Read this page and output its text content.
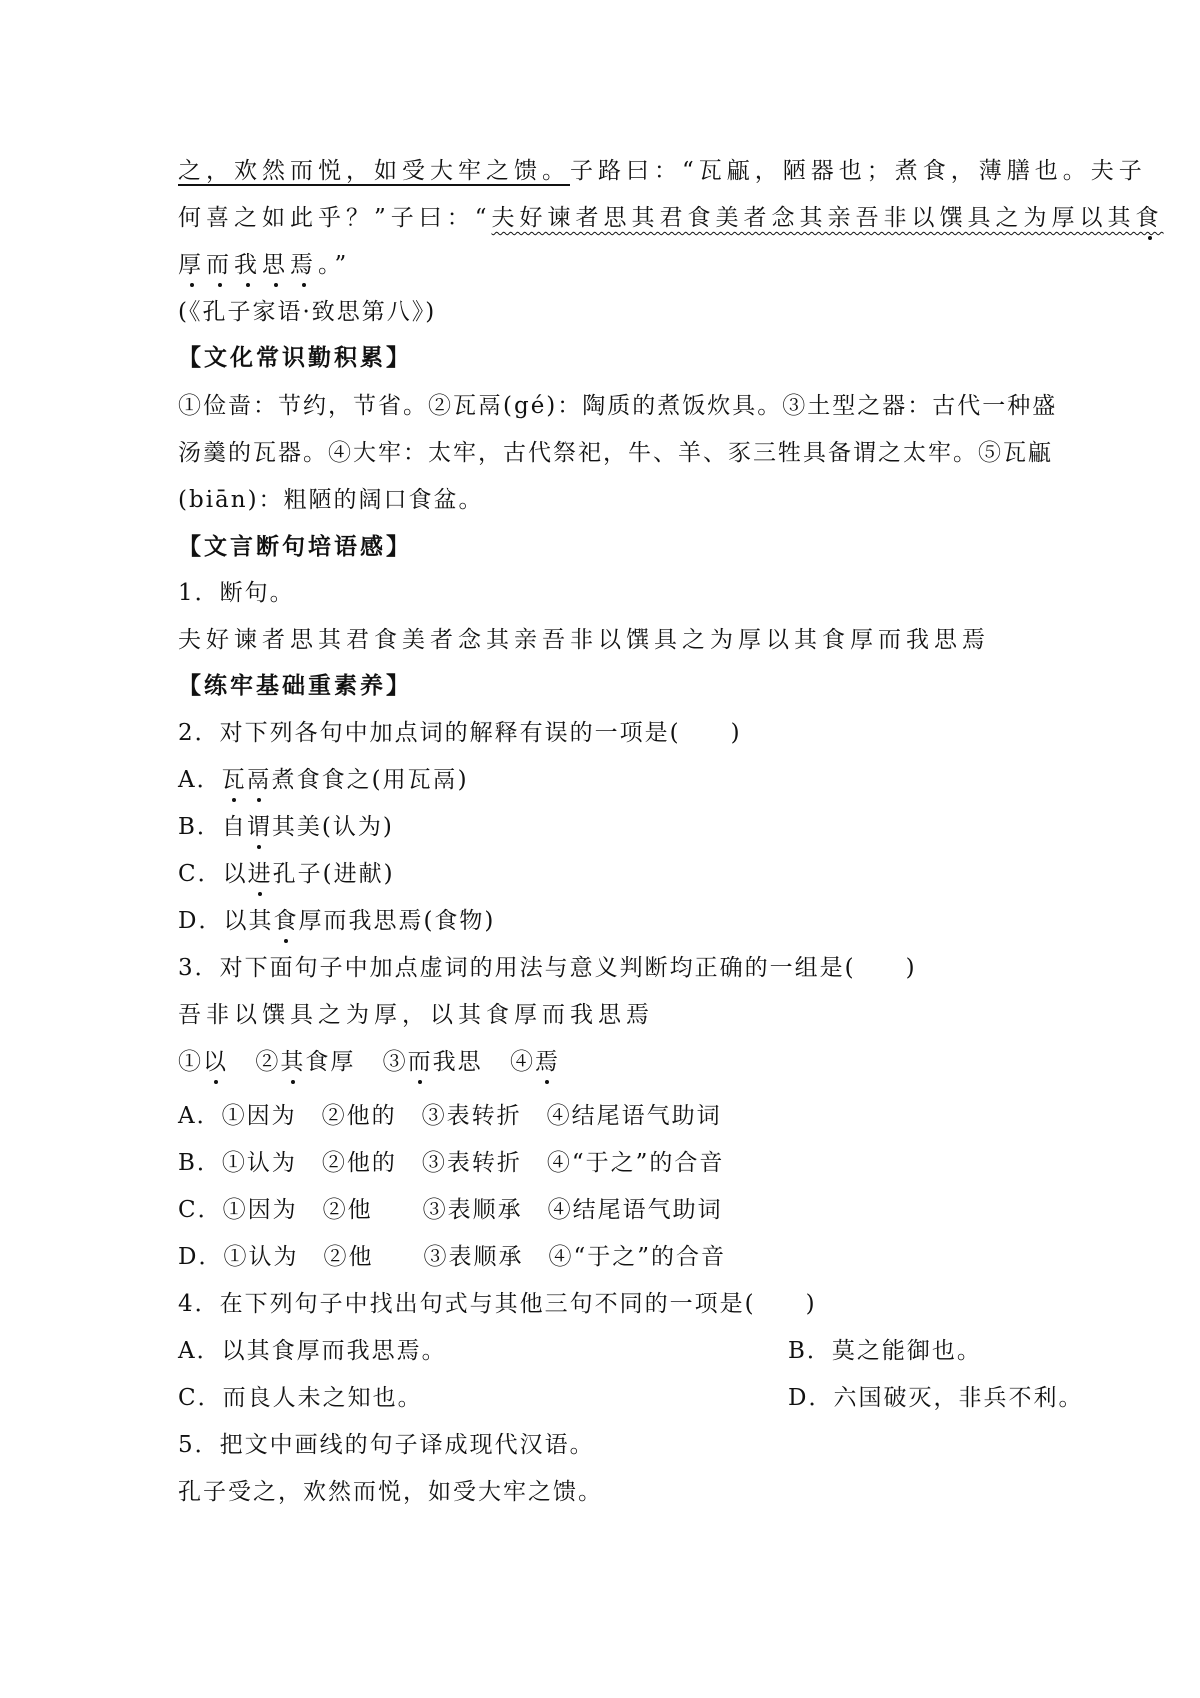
之，欢然而悦，如受大牢之馈。子路曰：“瓦甂，陋器也；煮食，薄膳也。夫子
何喜之如此乎？”子曰：“夫好谏者思其君食美者念其亲吾非以馔具之为厚以其食
厚而我思焉。”
(《孔子家语·致思第八》)
【文化常识勤积累】
①俭啬：节约，节省。②瓦鬲(gé)：陶质的煮饭炊具。③土型之器：古代一种盛
汤羹的瓦器。④大牢：太牢，古代祭祀，牛、羊、豕三牲具备谓之太牢。⑤瓦甂
(biān)：粗陋的阔口食盆。
【文言断句培语感】
1．断句。
夫好谏者思其君食美者念其亲吾非以馔具之为厚以其食厚而我思焉
【练牢基础重素养】
2．对下列各句中加点词的解释有误的一项是(　　)
A．瓦鬲煮食食之(用瓦鬲)
B．自谓其美(认为)
C．以进孔子(进献)
D．以其食厚而我思焉(食物)
3．对下面句子中加点虚词的用法与意义判断均正确的一组是(　　)
吾非以馔具之为厚，以其食厚而我思焉
①以 ②其食厚 ③而我思 ④焉
A．①因为　②他的　③表转折　④结尾语气助词
B．①认为　②他的　③表转折　④“于之”的合音
C．①因为　②他　　③表顺承　④结尾语气助词
D．①认为　②他　　③表顺承　④“于之”的合音
4．在下列句子中找出句式与其他三句不同的一项是(　　)
A．以其食厚而我思焉。	B．莫之能御也。
C．而良人未之知也。	D．六国破灭，非兵不利。
5．把文中画线的句子译成现代汉语。
孔子受之，欢然而悦，如受大牢之馈。
